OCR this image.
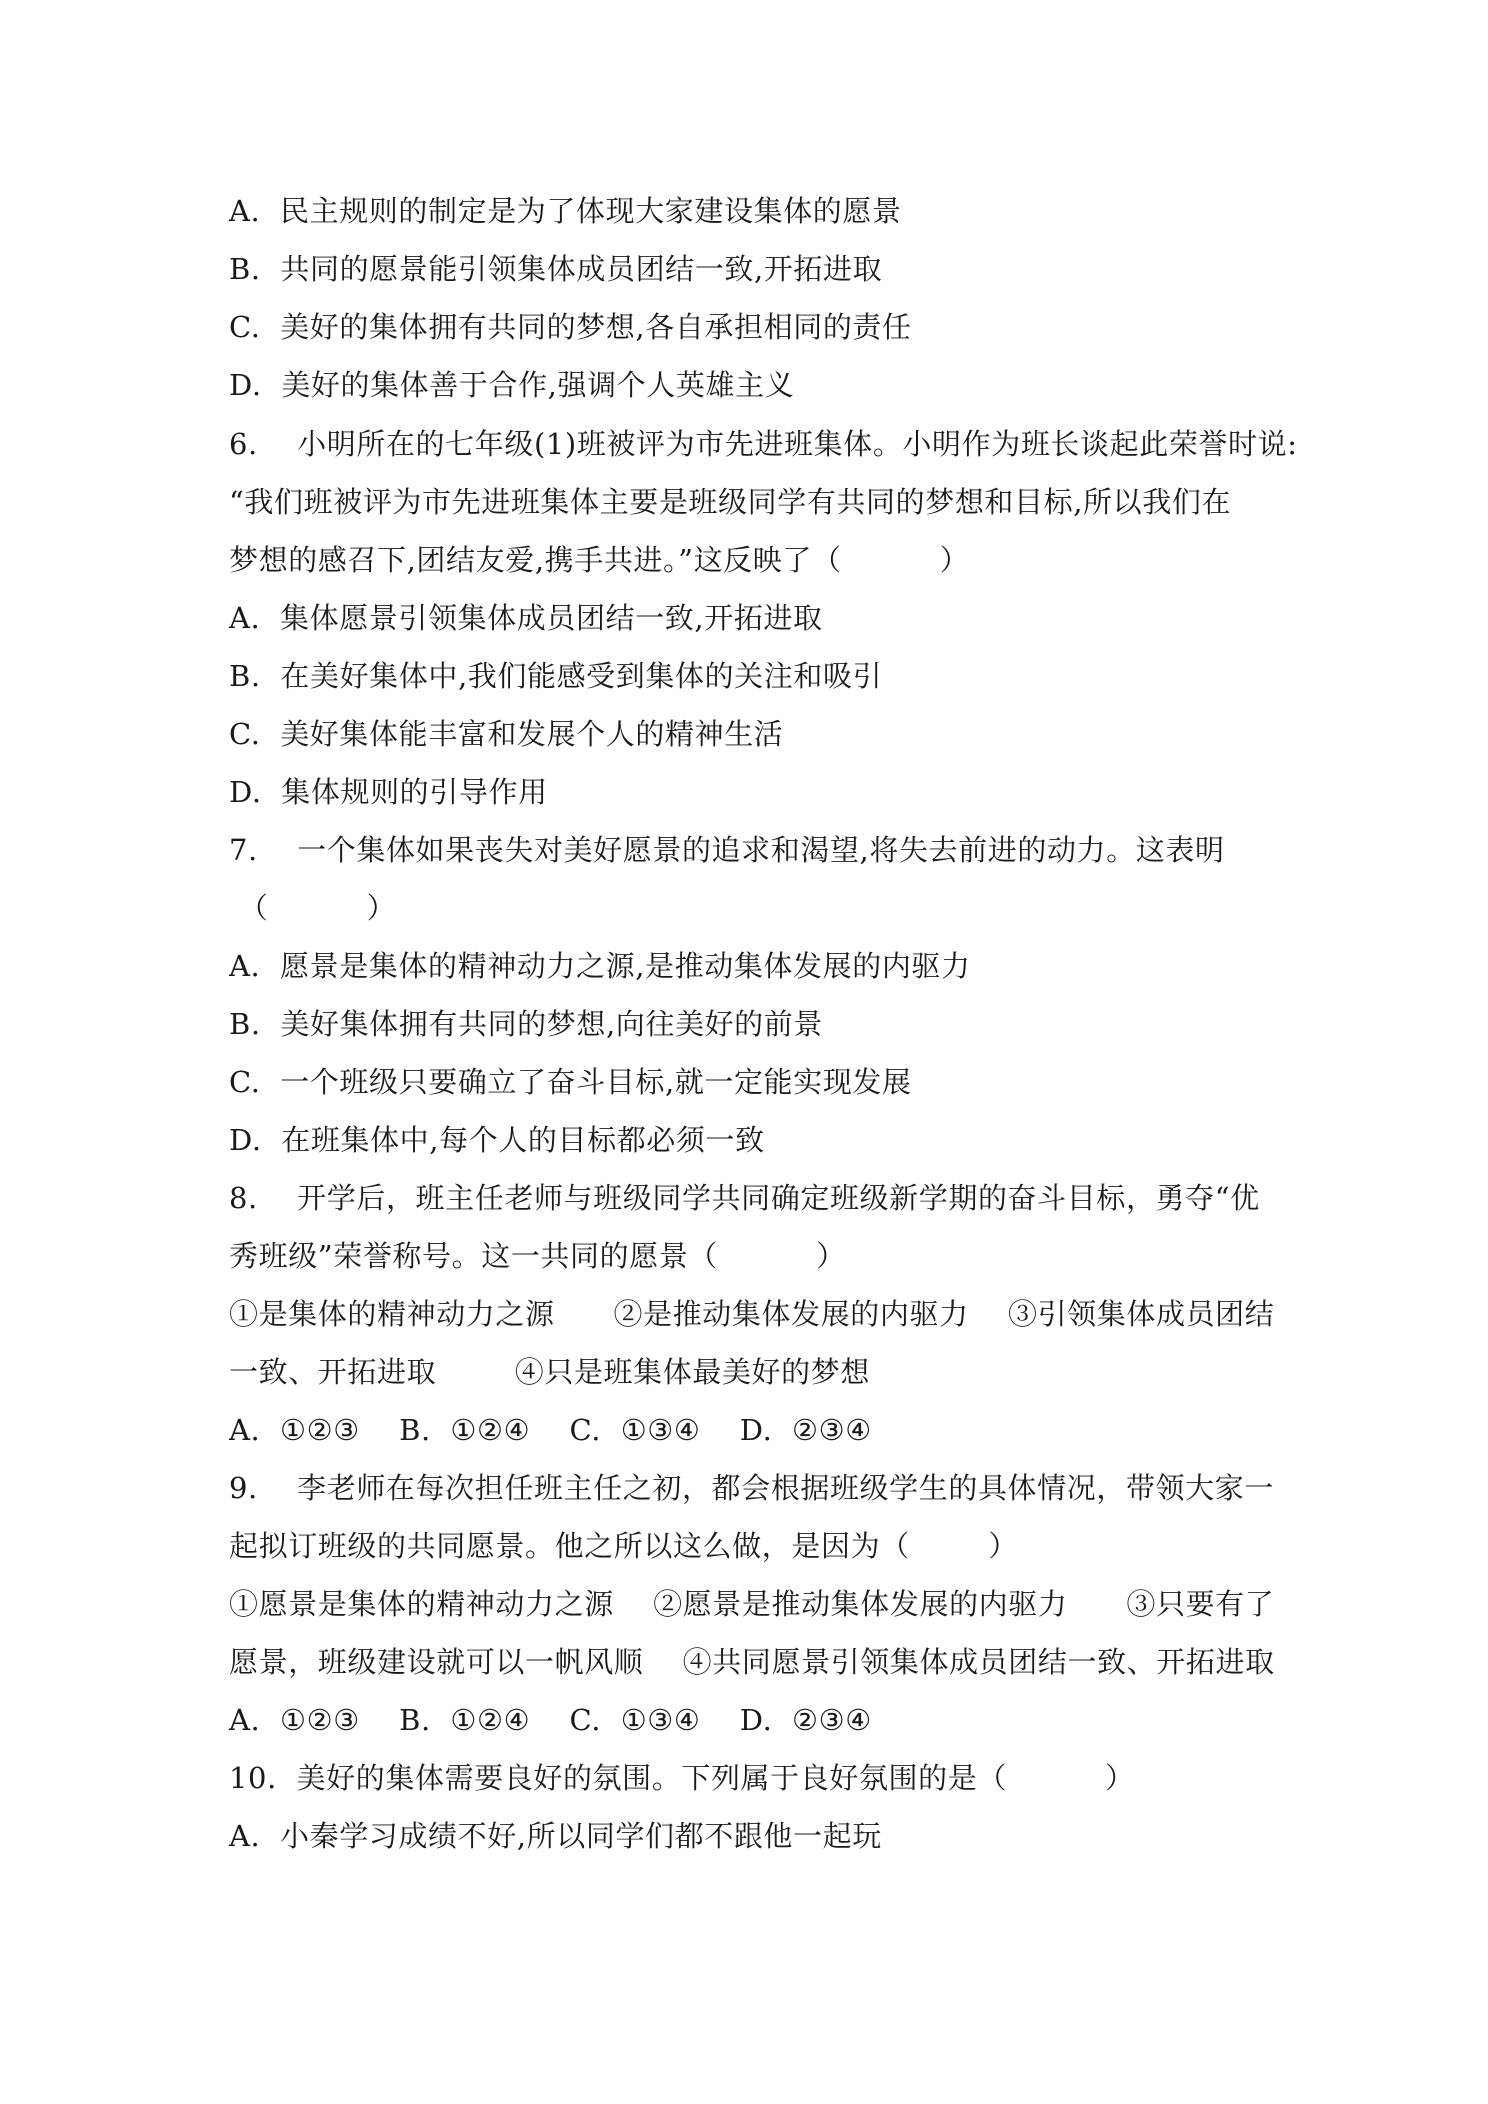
A.  民主规则的制定是为了体现大家建设集体的愿景
B.  共同的愿景能引领集体成员团结一致,开拓进取
C.  美好的集体拥有共同的梦想,各自承担相同的责任
D.  美好的集体善于合作,强调个人英雄主义
6.    小明所在的七年级(1)班被评为市先进班集体。小明作为班长谈起此荣誉时说:
“我们班被评为市先进班集体主要是班级同学有共同的梦想和目标,所以我们在
梦想的感召下,团结友爱,携手共进。”这反映了（          ）
A.  集体愿景引领集体成员团结一致,开拓进取
B.  在美好集体中,我们能感受到集体的关注和吸引
C.  美好集体能丰富和发展个人的精神生活
D.  集体规则的引导作用
7.    一个集体如果丧失对美好愿景的追求和渴望,将失去前进的动力。这表明
（          ）
A.  愿景是集体的精神动力之源,是推动集体发展的内驱力
B.  美好集体拥有共同的梦想,向往美好的前景
C.  一个班级只要确立了奋斗目标,就一定能实现发展
D.  在班集体中,每个人的目标都必须一致
8.    开学后，班主任老师与班级同学共同确定班级新学期的奋斗目标，勇夺“优
秀班级”荣誉称号。这一共同的愿景（          ）
①是集体的精神动力之源      ②是推动集体发展的内驱力    ③引领集体成员团结
一致、开拓进取        ④只是班集体最美好的梦想
A.  ①②③    B.  ①②④    C.  ①③④    D.  ②③④
9.    李老师在每次担任班主任之初，都会根据班级学生的具体情况，带领大家一
起拟订班级的共同愿景。他之所以这么做，是因为（        ）
①愿景是集体的精神动力之源    ②愿景是推动集体发展的内驱力      ③只要有了
愿景，班级建设就可以一帆风顺    ④共同愿景引领集体成员团结一致、开拓进取
A.  ①②③    B.  ①②④    C.  ①③④    D.  ②③④
10.  美好的集体需要良好的氛围。下列属于良好氛围的是（          ）
A.  小秦学习成绩不好,所以同学们都不跟他一起玩
